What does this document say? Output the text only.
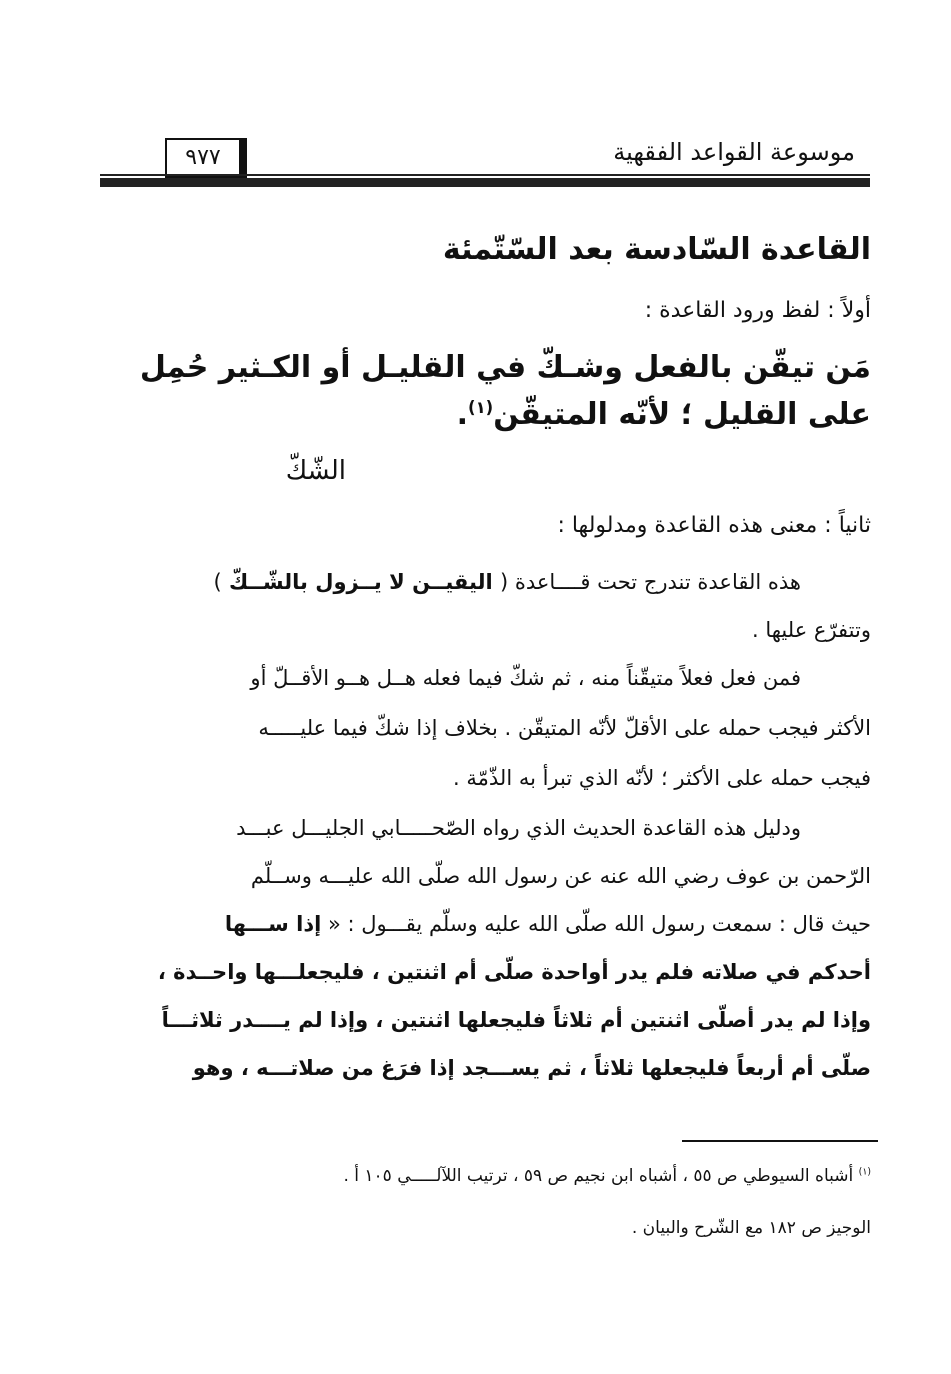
موسوعة القواعد الفقهية
٩٧٧
القاعدة السّادسة بعد السّتّمئة
أولاً : لفظ ورود القاعدة :
مَن تيقّن بالفعل وشـكّ في القليـل أو الكـثير حُمِل
على القليل ؛ لأنّه المتيقّن$^{(١)}$.
الشّكّ
ثانياً : معنى هذه القاعدة ومدلولها :
هذه القاعدة تندرج تحت قــــاعدة ( اليقيــن لا يــزول بالشّــكّ )
وتتفرّع عليها .
فمن فعل فعلاً متيقّناً منه ، ثم شكّ فيما فعله هــل هــو الأقــلّ أو
الأكثر فيجب حمله على الأقلّ لأنّه المتيقّن . بخلاف إذا شكّ فيما عليـــــه
فيجب حمله على الأكثر ؛ لأنّه الذي تبرأ به الذّمّة .
ودليل هذه القاعدة الحديث الذي رواه الصّحـــــابي الجليـــل عبـــد
الرّحمن بن عوف رضي الله عنه عن رسول الله صلّى الله عليـــه وســلّم
حيث قال : سمعت رسول الله صلّى الله عليه وسلّم يقـــول : « إذا ســـها
أحدكم في صلاته فلم يدر أواحدة صلّى أم اثنتين ، فليجعلـــها واحــدة ،
وإذا لم يدر أصلّى اثنتين أم ثلاثاً فليجعلها اثنتين ، وإذا لم يــــدر ثلاثـــاً
صلّى أم أربعاً فليجعلها ثلاثاً ، ثم يســـجد إذا فرَغ من صلاتـــه ، وهو
$^{(١)}$ أشباه السيوطي ص ٥٥ ، أشباه ابن نجيم ص ٥٩ ، ترتيب اللآلـــــي ١٠٥ أ .
الوجيز ص ١٨٢ مع الشّرح والبيان .
